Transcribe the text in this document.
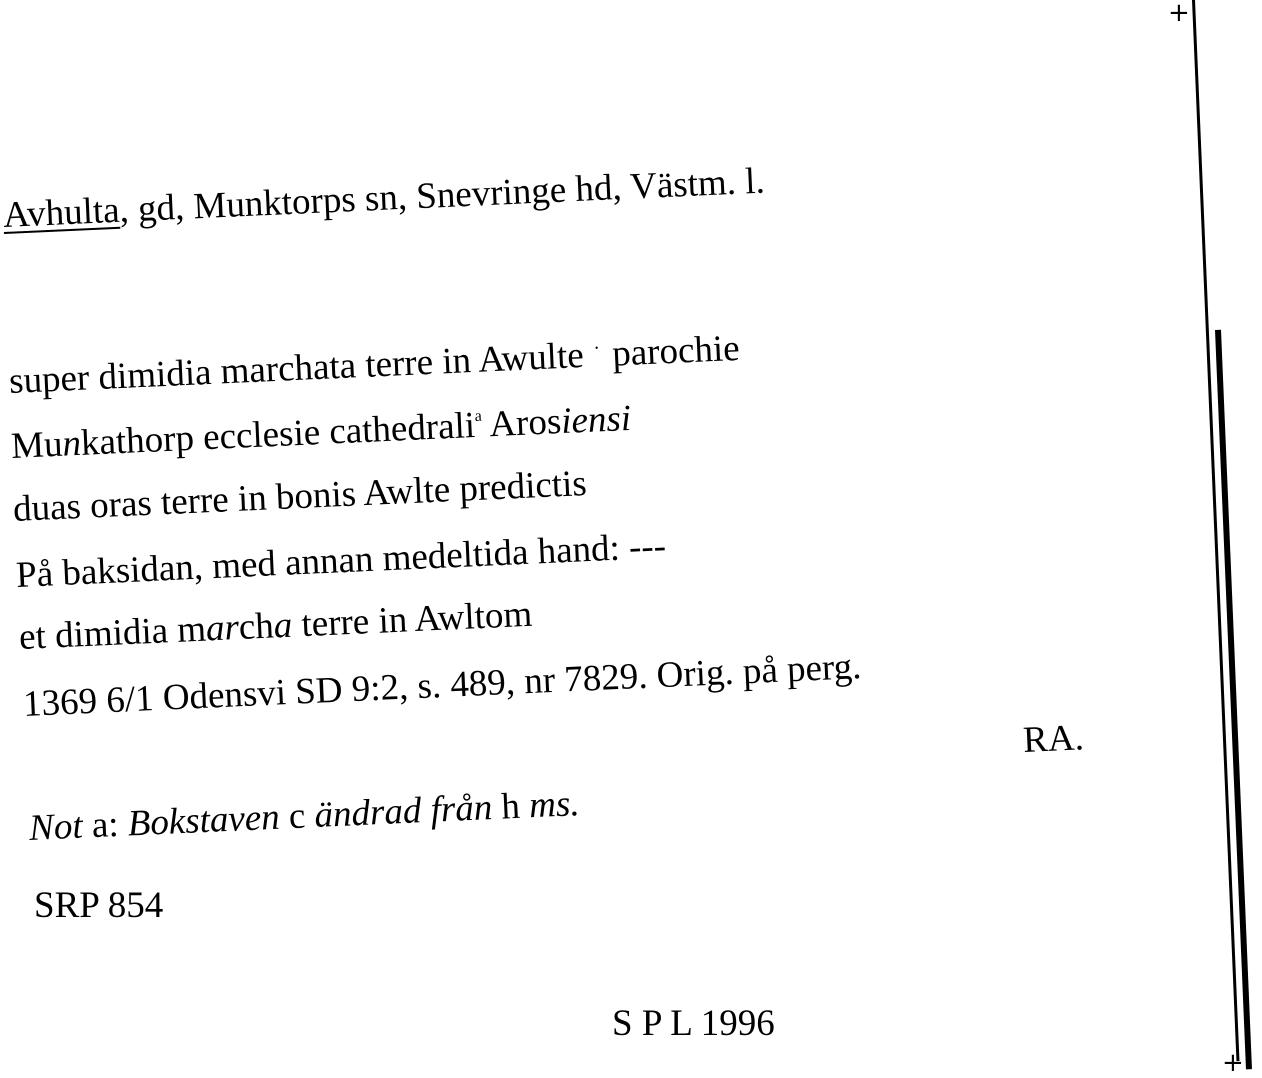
Avhulta, gd, Munktorps sn, Snevringe hd, Västm. l.
super dimidia marchata terre in Awulte · parochie
Munkathorp ecclesie cathedrali$^a$ Arosiensi
duas oras terre in bonis Awlte predictis
På baksidan, med annan medeltida hand: ---
et dimidia marcha terre in Awltom
1369 6/1 Odensvi SD 9:2, s. 489, nr 7829. Orig. på perg.
RA.
Not a: Bokstaven c ändrad från h ms.
SRP 854
S P L 1996
+
+
